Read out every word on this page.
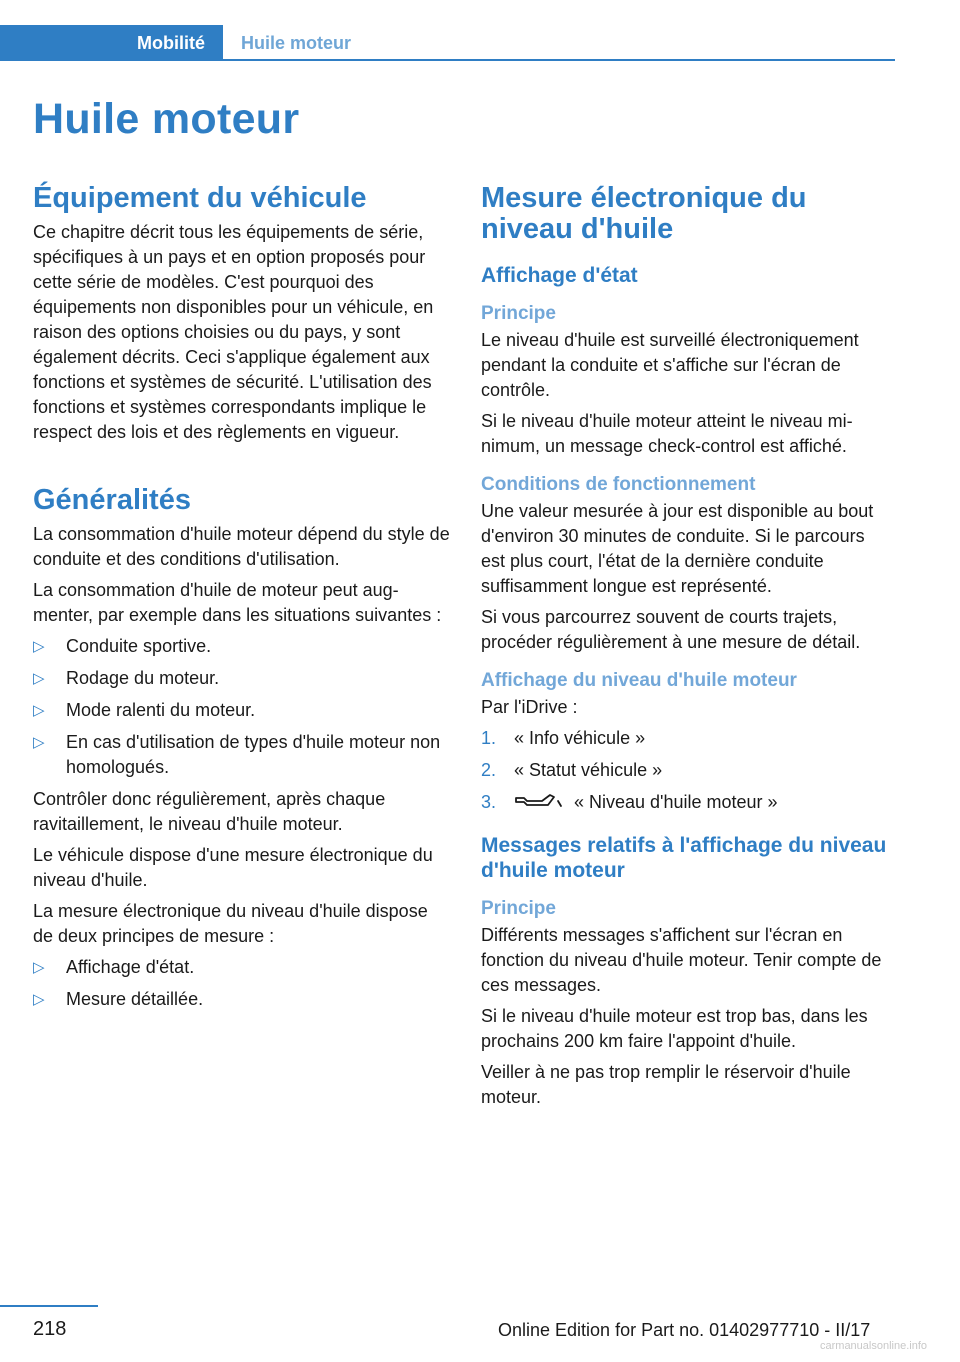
Mobilité	Huile moteur
Huile moteur
Équipement du véhicule

Ce chapitre décrit tous les équipements de série, spécifiques à un pays et en option proposés pour cette série de modèles. C'est pourquoi des équipements non disponibles pour un véhicule, en raison des options choisies ou du pays, y sont également décrits. Ceci s'applique également aux fonctions et systèmes de sécurité. L'utilisation des fonctions et systèmes correspondants implique le respect des lois et des règlements en vigueur.

Généralités

La consommation d'huile moteur dépend du style de conduite et des conditions d'utilisation.

La consommation d'huile de moteur peut augmenter, par exemple dans les situations suivantes :

▷ Conduite sportive.
▷ Rodage du moteur.
▷ Mode ralenti du moteur.
▷ En cas d'utilisation de types d'huile moteur non homologués.

Contrôler donc régulièrement, après chaque ravitaillement, le niveau d'huile moteur.

Le véhicule dispose d'une mesure électronique du niveau d'huile.

La mesure électronique du niveau d'huile dispose de deux principes de mesure :

▷ Affichage d'état.
▷ Mesure détaillée.
Mesure électronique du niveau d'huile
Affichage d'état
Principe

Le niveau d'huile est surveillé électroniquement pendant la conduite et s'affiche sur l'écran de contrôle.

Si le niveau d'huile moteur atteint le niveau minimum, un message check-control est affiché.

Conditions de fonctionnement

Une valeur mesurée à jour est disponible au bout d'environ 30 minutes de conduite. Si le parcours est plus court, l'état de la dernière conduite suffisamment longue est représenté.

Si vous parcourrez souvent de courts trajets, procéder régulièrement à une mesure de détail.

Affichage du niveau d'huile moteur

Par l'iDrive :

1. « Info véhicule »
2. « Statut véhicule »
3.	« Niveau d'huile moteur »
Messages relatifs à l'affichage du niveau d'huile moteur
Principe

Différents messages s'affichent sur l'écran en fonction du niveau d'huile moteur. Tenir compte de ces messages.

Si le niveau d'huile moteur est trop bas, dans les prochains 200 km faire l'appoint d'huile.

Veiller à ne pas trop remplir le réservoir d'huile moteur.

218	Online Edition for Part no. 01402977710 - II/17
carmanualsonline.info
